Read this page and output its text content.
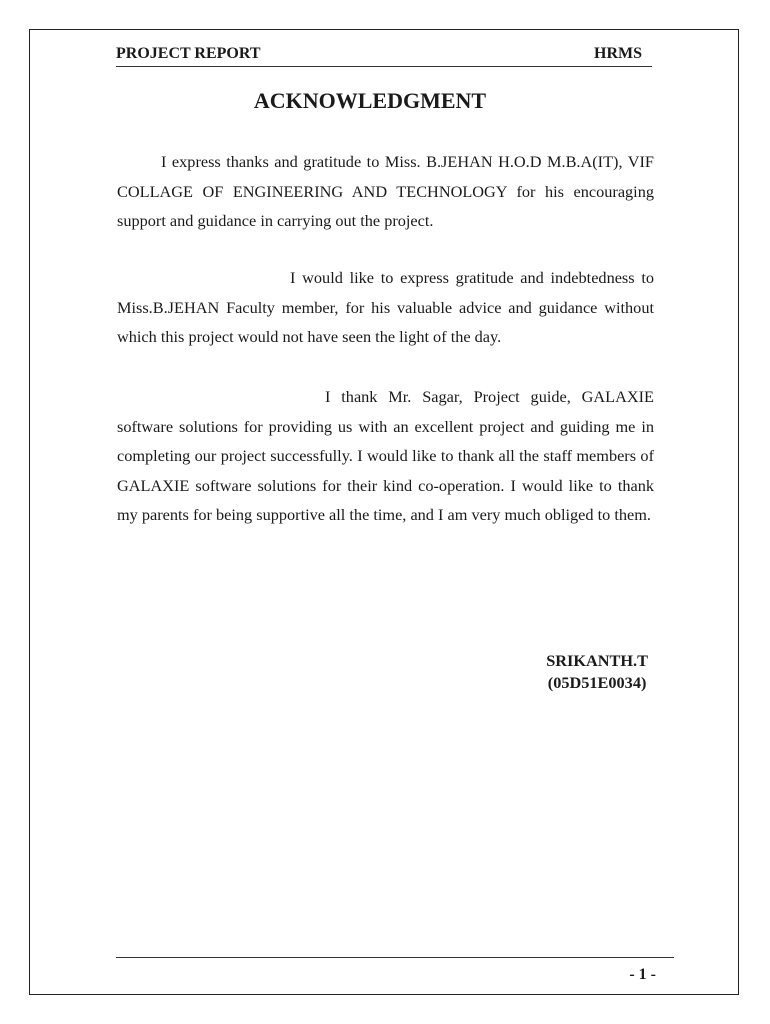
PROJECT REPORT	HRMS
ACKNOWLEDGMENT

I express thanks and gratitude to Miss. B.JEHAN H.O.D M.B.A(IT), VIF COLLAGE OF ENGINEERING AND TECHNOLOGY for his encouraging support and guidance in carrying out the project.

I would like to express gratitude and indebtedness to Miss.B.JEHAN Faculty member, for his valuable advice and guidance without which this project would not have seen the light of the day.

I thank Mr. Sagar, Project guide, GALAXIE software solutions for providing us with an excellent project and guiding me in completing our project successfully. I would like to thank all the staff members of GALAXIE software solutions for their kind co-operation. I would like to thank my parents for being supportive all the time, and I am very much obliged to them.

SRIKANTH.T
(05D51E0034)
- 1 -
